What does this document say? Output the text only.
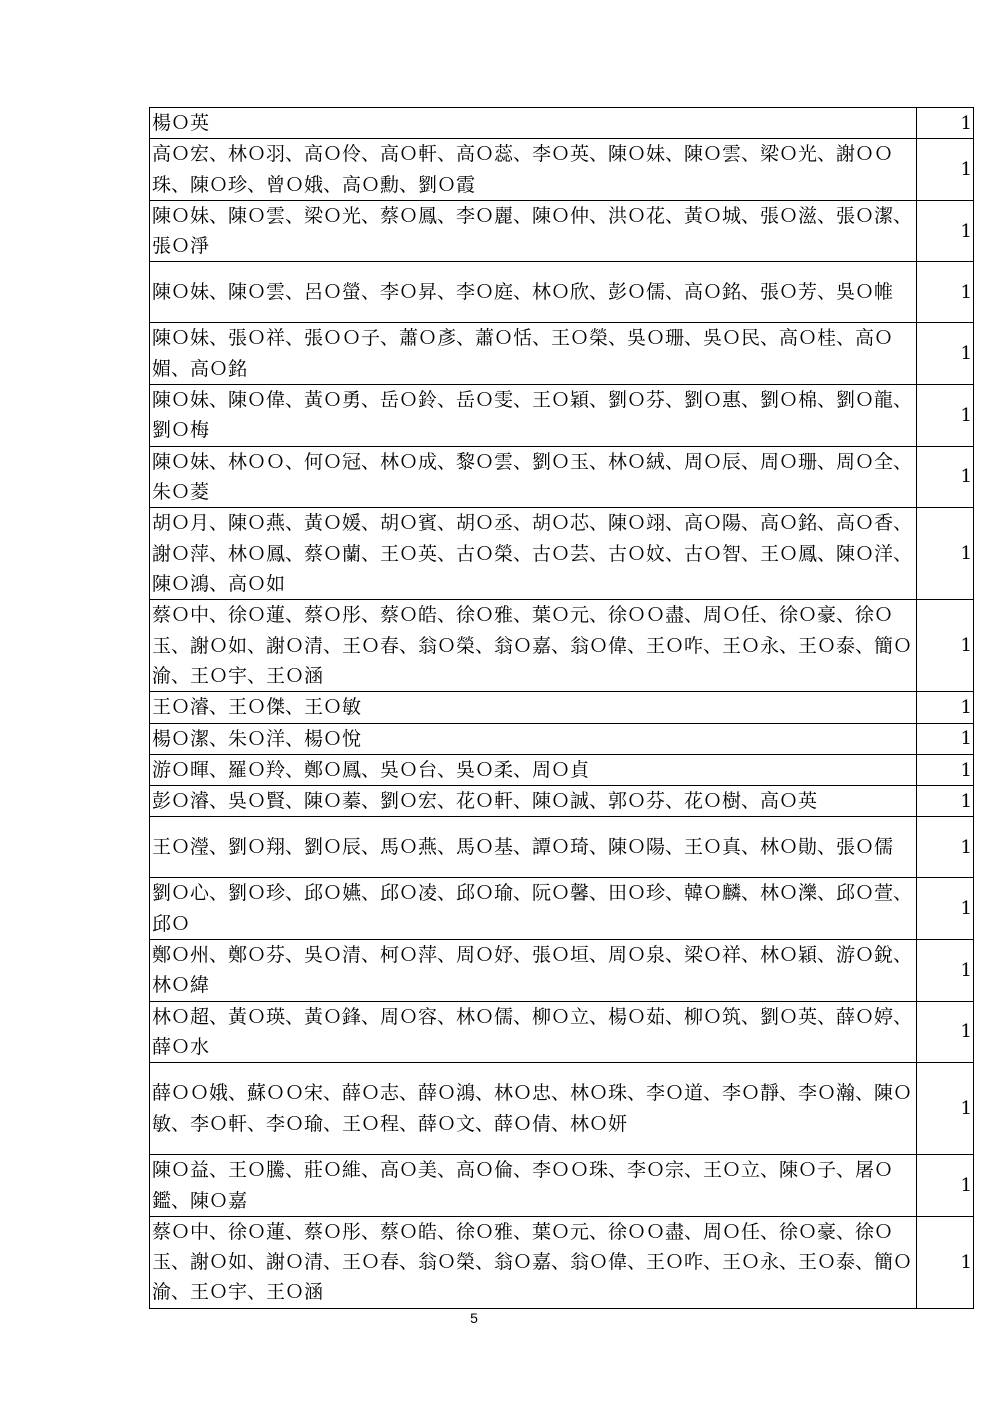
楊Ｏ英	1
高Ｏ宏、林Ｏ羽、高Ｏ伶、高Ｏ軒、高Ｏ蕊、李Ｏ英、陳Ｏ妹、陳Ｏ雲、梁Ｏ光、謝ＯＯ珠、陳Ｏ珍、曾Ｏ娥、高Ｏ勳、劉Ｏ霞	1
陳Ｏ妹、陳Ｏ雲、梁Ｏ光、蔡Ｏ鳳、李Ｏ麗、陳Ｏ仲、洪Ｏ花、黃Ｏ城、張Ｏ滋、張Ｏ潔、張Ｏ淨	1
陳Ｏ妹、陳Ｏ雲、呂Ｏ螢、李Ｏ昇、李Ｏ庭、林Ｏ欣、彭Ｏ儒、高Ｏ銘、張Ｏ芳、吳Ｏ帷	1
陳Ｏ妹、張Ｏ祥、張ＯＯ子、蕭Ｏ彥、蕭Ｏ恬、王Ｏ榮、吳Ｏ珊、吳Ｏ民、高Ｏ桂、高Ｏ媚、高Ｏ銘	1
陳Ｏ妹、陳Ｏ偉、黃Ｏ勇、岳Ｏ鈴、岳Ｏ雯、王Ｏ穎、劉Ｏ芬、劉Ｏ惠、劉Ｏ棉、劉Ｏ龍、劉Ｏ梅	1
陳Ｏ妹、林ＯＯ、何Ｏ冠、林Ｏ成、黎Ｏ雲、劉Ｏ玉、林Ｏ絨、周Ｏ辰、周Ｏ珊、周Ｏ全、朱Ｏ菱	1
胡Ｏ月、陳Ｏ燕、黃Ｏ媛、胡Ｏ賓、胡Ｏ丞、胡Ｏ芯、陳Ｏ翊、高Ｏ陽、高Ｏ銘、高Ｏ香、謝Ｏ萍、林Ｏ鳳、蔡Ｏ蘭、王Ｏ英、古Ｏ榮、古Ｏ芸、古Ｏ妏、古Ｏ智、王Ｏ鳳、陳Ｏ洋、陳Ｏ鴻、高Ｏ如	1
蔡Ｏ中、徐Ｏ蓮、蔡Ｏ彤、蔡Ｏ皓、徐Ｏ雅、葉Ｏ元、徐ＯＯ盡、周Ｏ任、徐Ｏ豪、徐Ｏ玉、謝Ｏ如、謝Ｏ清、王Ｏ春、翁Ｏ榮、翁Ｏ嘉、翁Ｏ偉、王Ｏ咋、王Ｏ永、王Ｏ泰、簡Ｏ渝、王Ｏ宇、王Ｏ涵	1
王Ｏ濬、王Ｏ傑、王Ｏ敏	1
楊Ｏ潔、朱Ｏ洋、楊Ｏ悅	1
游Ｏ暉、羅Ｏ羚、鄭Ｏ鳳、吳Ｏ台、吳Ｏ柔、周Ｏ貞	1
彭Ｏ濬、吳Ｏ賢、陳Ｏ蓁、劉Ｏ宏、花Ｏ軒、陳Ｏ誠、郭Ｏ芬、花Ｏ樹、高Ｏ英	1
王Ｏ瀅、劉Ｏ翔、劉Ｏ辰、馬Ｏ燕、馬Ｏ基、譚Ｏ琦、陳Ｏ陽、王Ｏ真、林Ｏ勛、張Ｏ儒	1
劉Ｏ心、劉Ｏ珍、邱Ｏ嬿、邱Ｏ凌、邱Ｏ瑜、阮Ｏ馨、田Ｏ珍、韓Ｏ麟、林Ｏ濼、邱Ｏ萱、邱Ｏ	1
鄭Ｏ州、鄭Ｏ芬、吳Ｏ清、柯Ｏ萍、周Ｏ妤、張Ｏ垣、周Ｏ泉、梁Ｏ祥、林Ｏ穎、游Ｏ銳、林Ｏ緯	1
林Ｏ超、黃Ｏ瑛、黃Ｏ鋒、周Ｏ容、林Ｏ儒、柳Ｏ立、楊Ｏ茹、柳Ｏ筑、劉Ｏ英、薛Ｏ婷、薛Ｏ水	1
薛ＯＯ娥、蘇ＯＯ宋、薛Ｏ志、薛Ｏ鴻、林Ｏ忠、林Ｏ珠、李Ｏ道、李Ｏ靜、李Ｏ瀚、陳Ｏ敏、李Ｏ軒、李Ｏ瑜、王Ｏ程、薛Ｏ文、薛Ｏ倩、林Ｏ妍	1
陳Ｏ益、王Ｏ騰、莊Ｏ維、高Ｏ美、高Ｏ倫、李ＯＯ珠、李Ｏ宗、王Ｏ立、陳Ｏ子、屠Ｏ鑑、陳Ｏ嘉	1
蔡Ｏ中、徐Ｏ蓮、蔡Ｏ彤、蔡Ｏ皓、徐Ｏ雅、葉Ｏ元、徐ＯＯ盡、周Ｏ任、徐Ｏ豪、徐Ｏ玉、謝Ｏ如、謝Ｏ清、王Ｏ春、翁Ｏ榮、翁Ｏ嘉、翁Ｏ偉、王Ｏ咋、王Ｏ永、王Ｏ泰、簡Ｏ渝、王Ｏ宇、王Ｏ涵	1
5
